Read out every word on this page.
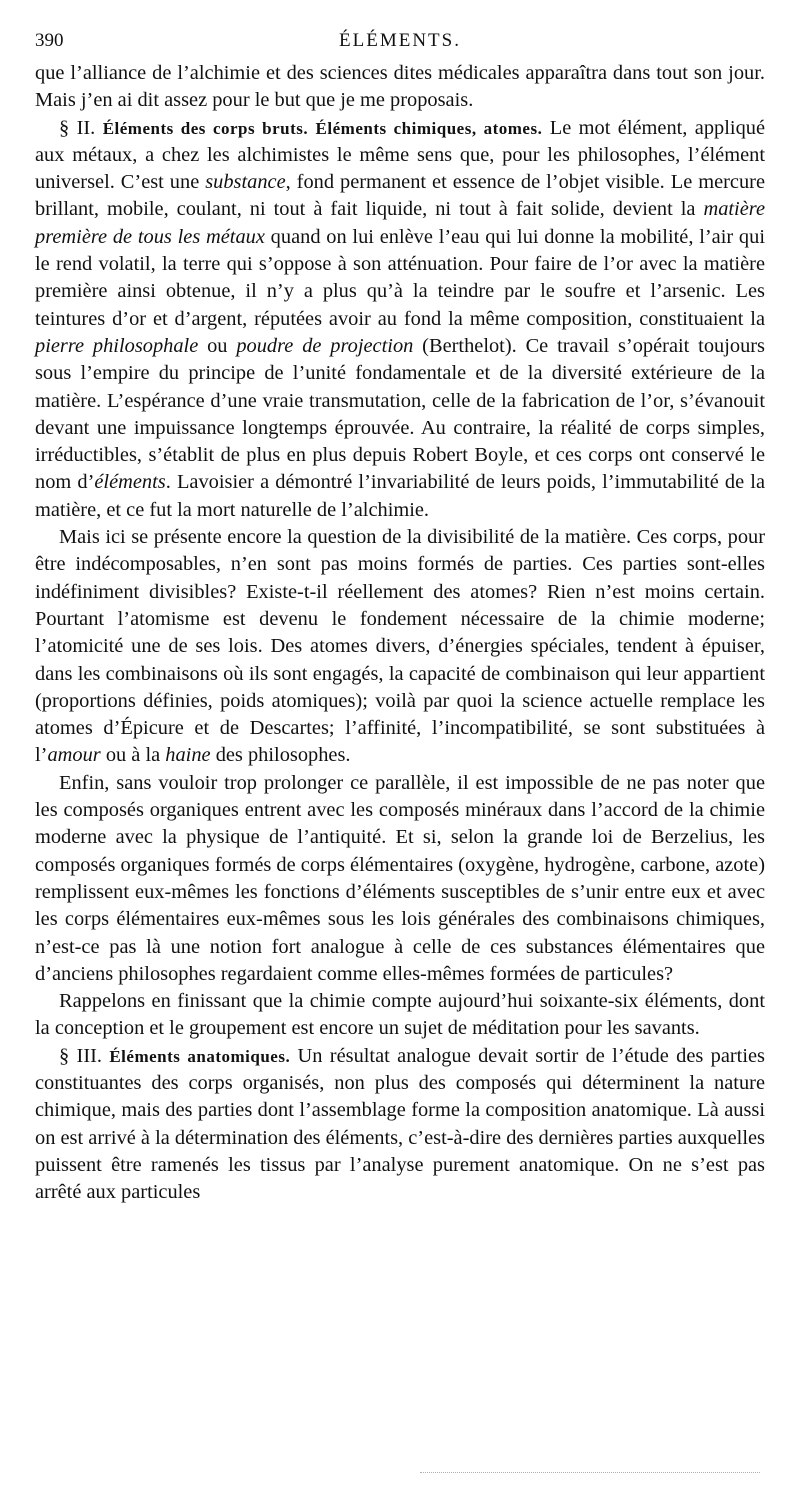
390	ÉLÉMENTS.

que l’alliance de l’alchimie et des sciences dites médicales apparaîtra dans tout son jour. Mais j’en ai dit assez pour le but que je me proposais.

§ II. Éléments des corps bruts. Éléments chimiques, atomes. Le mot élément, appliqué aux métaux, a chez les alchimistes le même sens que, pour les philosophes, l’élément universel. C’est une substance, fond permanent et essence de l’objet visible. Le mercure brillant, mobile, coulant, ni tout à fait liquide, ni tout à fait solide, devient la matière première de tous les métaux quand on lui enlève l’eau qui lui donne la mobilité, l’air qui le rend volatil, la terre qui s’oppose à son atténuation. Pour faire de l’or avec la matière première ainsi obtenue, il n’y a plus qu’à la teindre par le soufre et l’arsenic. Les teintures d’or et d’argent, réputées avoir au fond la même composition, constituaient la pierre philosophale ou poudre de projection (Berthelot). Ce travail s’opérait toujours sous l’empire du principe de l’unité fondamentale et de la diversité extérieure de la matière. L’espérance d’une vraie transmutation, celle de la fabrication de l’or, s’évanouit devant une impuissance longtemps éprouvée. Au contraire, la réalité de corps simples, irréductibles, s’établit de plus en plus depuis Robert Boyle, et ces corps ont conservé le nom d’éléments. Lavoisier a démontré l’invariabilité de leurs poids, l’immutabilité de la matière, et ce fut la mort naturelle de l’alchimie.

Mais ici se présente encore la question de la divisibilité de la matière. Ces corps, pour être indécomposables, n’en sont pas moins formés de parties. Ces parties sont-elles indéfiniment divisibles? Existe-t-il réellement des atomes? Rien n’est moins certain. Pourtant l’atomisme est devenu le fondement nécessaire de la chimie moderne; l’atomicité une de ses lois. Des atomes divers, d’énergies spéciales, tendent à épuiser, dans les combinaisons où ils sont engagés, la capacité de combinaison qui leur appartient (proportions définies, poids atomiques); voilà par quoi la science actuelle remplace les atomes d’Épicure et de Descartes; l’affinité, l’incompatibilité, se sont substituées à l’amour ou à la haine des philosophes.

Enfin, sans vouloir trop prolonger ce parallèle, il est impossible de ne pas noter que les composés organiques entrent avec les composés minéraux dans l’accord de la chimie moderne avec la physique de l’antiquité. Et si, selon la grande loi de Berzelius, les composés organiques formés de corps élémentaires (oxygène, hydrogène, carbone, azote) remplissent eux-mêmes les fonctions d’éléments susceptibles de s’unir entre eux et avec les corps élémentaires eux-mêmes sous les lois générales des combinaisons chimiques, n’est-ce pas là une notion fort analogue à celle de ces substances élémentaires que d’anciens philosophes regardaient comme elles-mêmes formées de particules?

Rappelons en finissant que la chimie compte aujourd’hui soixante-six éléments, dont la conception et le groupement est encore un sujet de méditation pour les savants.

§ III. Éléments anatomiques. Un résultat analogue devait sortir de l’étude des parties constituantes des corps organisés, non plus des composés qui déterminent la nature chimique, mais des parties dont l’assemblage forme la composition anatomique. Là aussi on est arrivé à la détermination des éléments, c’est-à-dire des dernières parties auxquelles puissent être ramenés les tissus par l’analyse purement anatomique. On ne s’est pas arrêté aux particules
